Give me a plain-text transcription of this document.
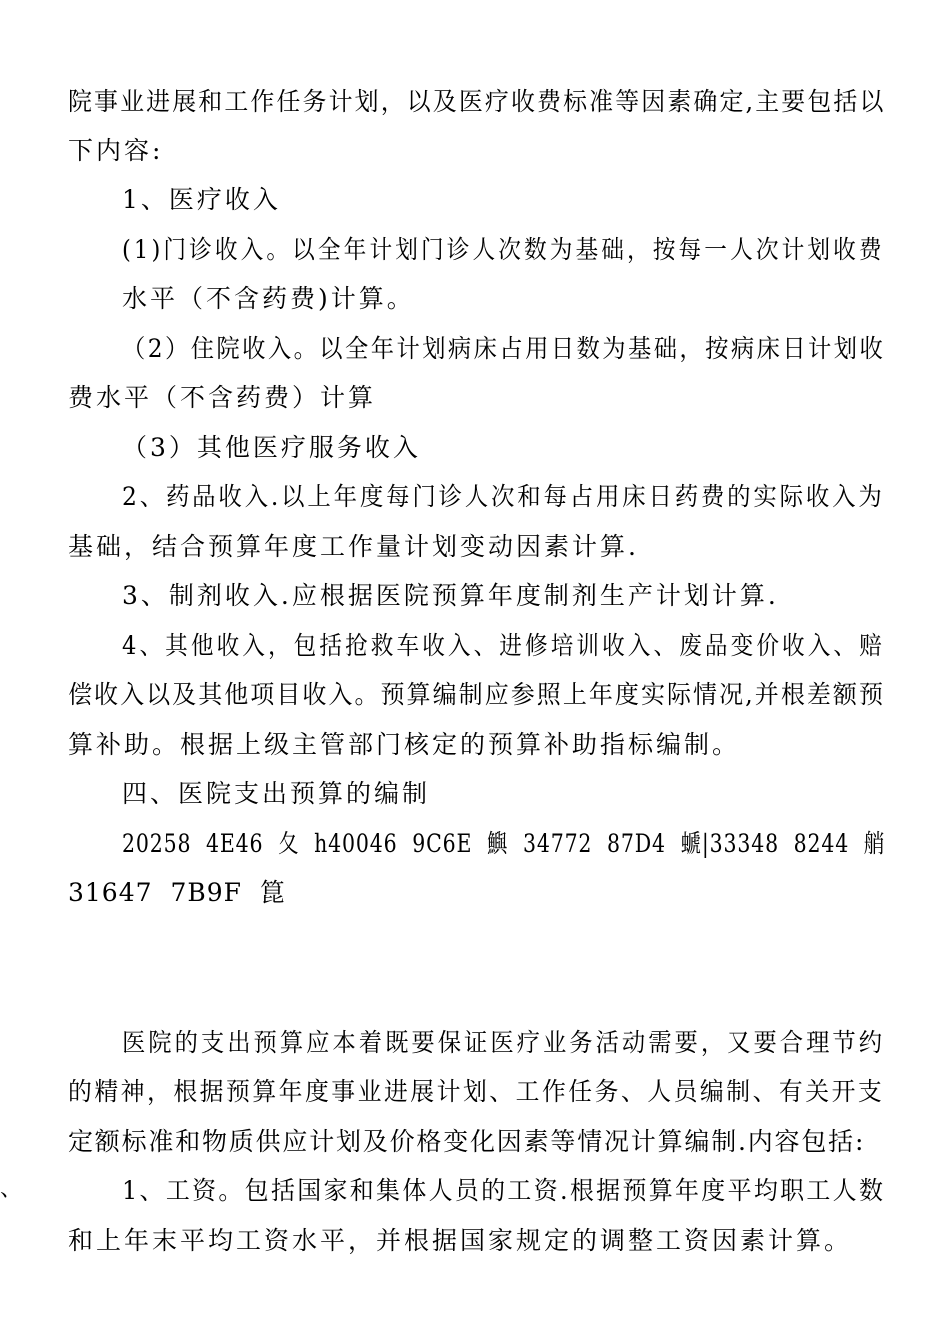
院事业进展和工作任务计划，以及医疗收费标准等因素确定,主要包括以
下内容:
1、医疗收入
(1)门诊收入。以全年计划门诊人次数为基础，按每一人次计划收费
水平（不含药费)计算。
（2）住院收入。以全年计划病床占用日数为基础，按病床日计划收
费水平（不含药费）计算
（3）其他医疗服务收入
2、药品收入.以上年度每门诊人次和每占用床日药费的实际收入为
基础，结合预算年度工作量计划变动因素计算.
3、制剂收入.应根据医院预算年度制剂生产计划计算.
4、其他收入，包括抢救车收入、进修培训收入、废品变价收入、赔
偿收入以及其他项目收入。预算编制应参照上年度实际情况,并根差额预
算补助。根据上级主管部门核定的预算补助指标编制。
四、医院支出预算的编制
20258 4E46 夂 h40046 9C6E 鱮 34772 87D4 螔|33348 8244 艄
31647 7B9F 箟
医院的支出预算应本着既要保证医疗业务活动需要，又要合理节约
的精神，根据预算年度事业进展计划、工作任务、人员编制、有关开支
定额标准和物质供应计划及价格变化因素等情况计算编制.内容包括:
、	1、工资。包括国家和集体人员的工资.根据预算年度平均职工人数
和上年末平均工资水平，并根据国家规定的调整工资因素计算。
